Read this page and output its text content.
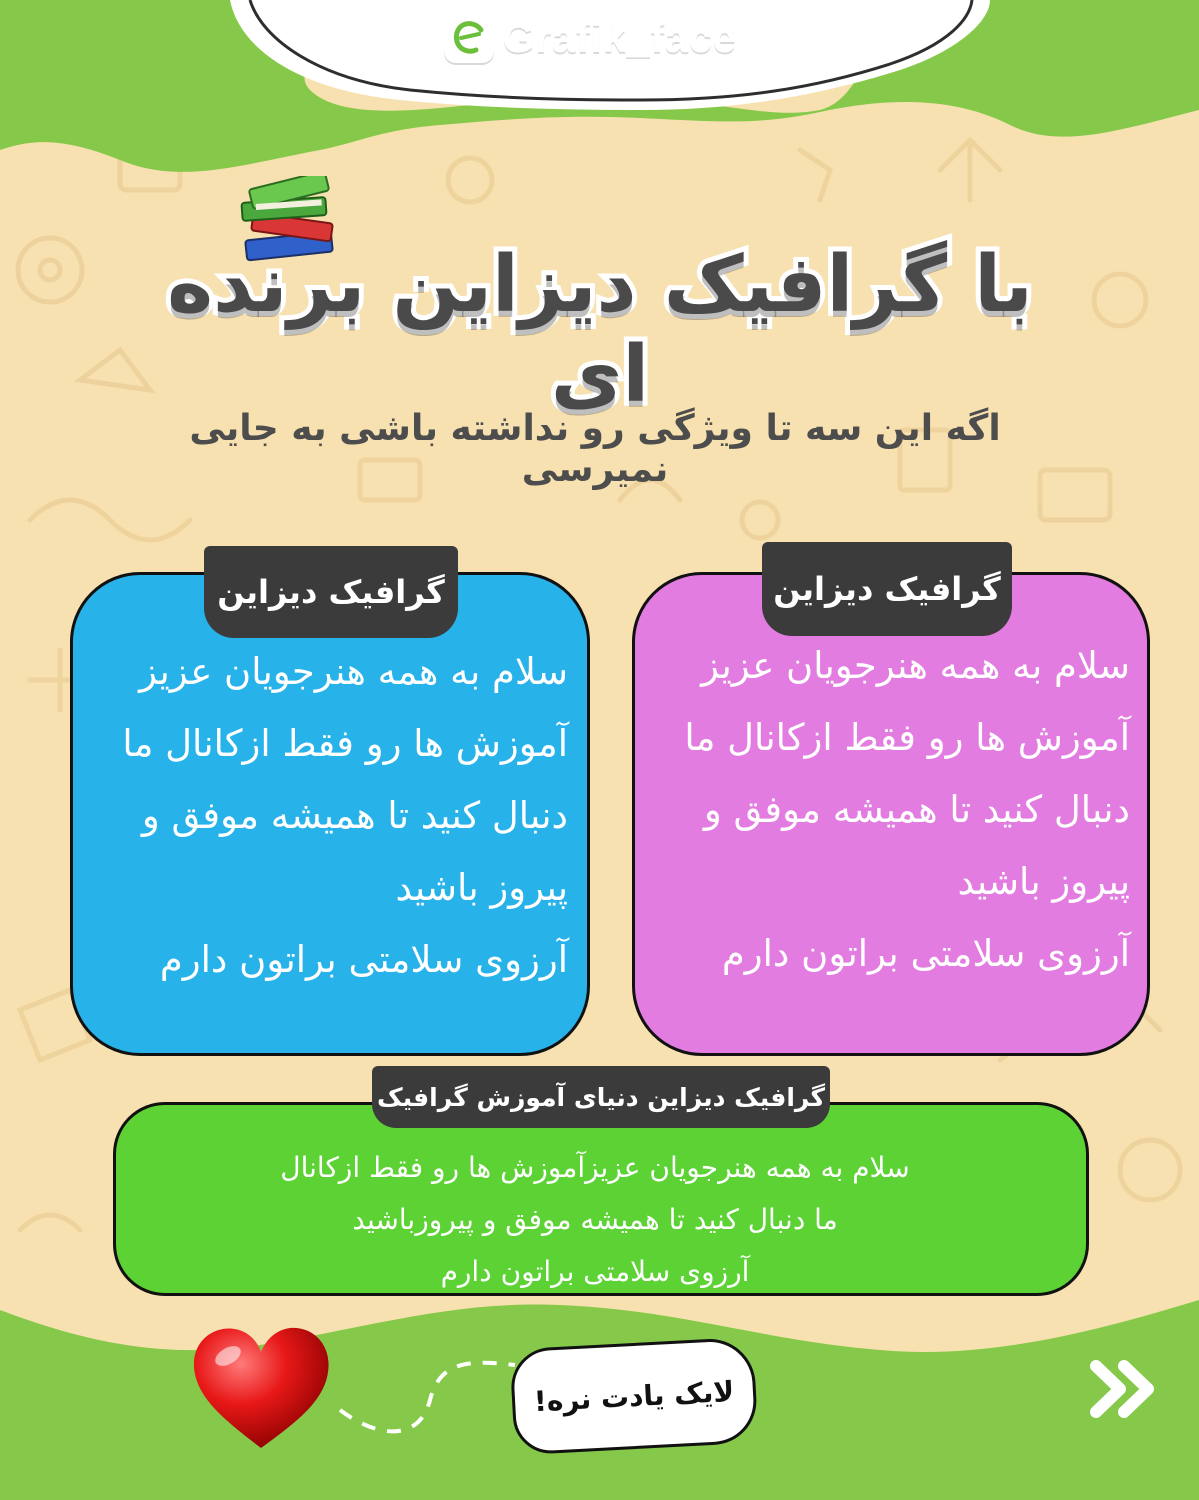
Grafik_face
با گرافیک دیزاین برنده ای
اگه این سه تا ویژگی رو نداشته باشی به جایی نمیرسی
گرافیک دیزاین
سلام به همه هنرجویان عزیز
آموزش ها رو فقط ازکانال ما
دنبال کنید تا همیشه موفق و
پیروز باشید
آرزوی سلامتی براتون دارم
گرافیک دیزاین
سلام به همه هنرجویان عزیز
آموزش ها رو فقط ازکانال ما
دنبال کنید تا همیشه موفق و
پیروز باشید
آرزوی سلامتی براتون دارم
گرافیک دیزاین دنیای آموزش گرافیک
سلام به همه هنرجویان عزیزآموزش ها رو فقط ازکانال
ما دنبال کنید تا همیشه موفق و پیروزباشید
آرزوی سلامتی براتون دارم
لایک یادت نره!
